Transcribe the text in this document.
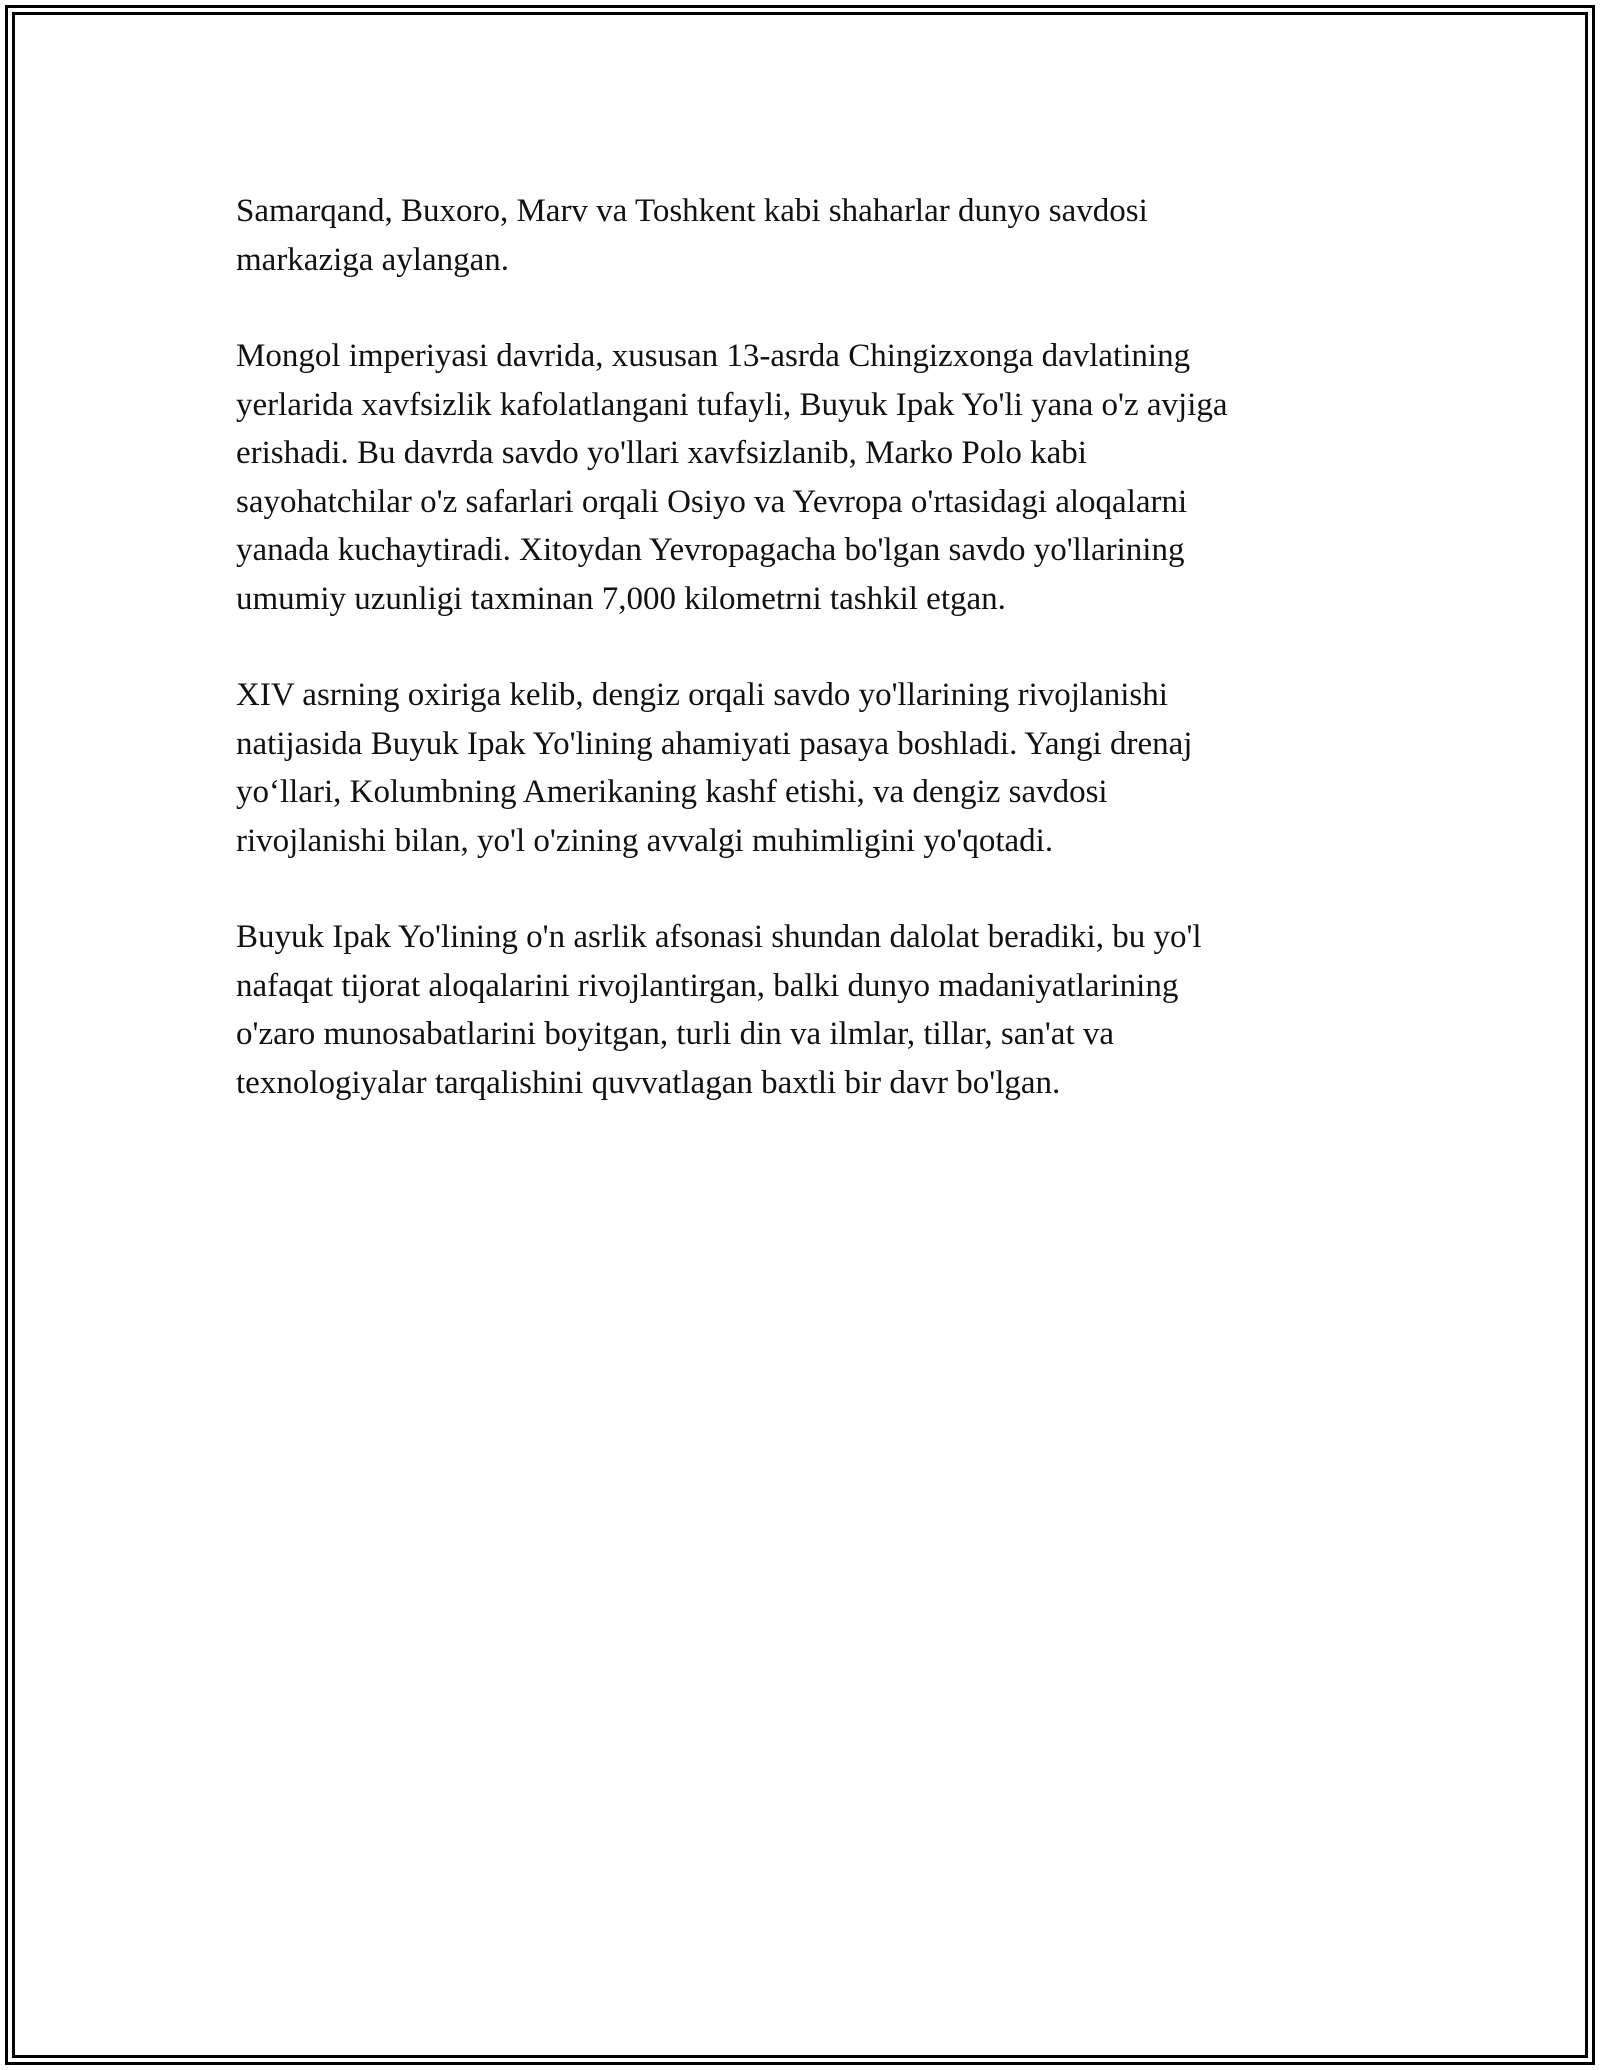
Samarqand, Buxoro, Marv va Toshkent kabi shaharlar dunyo savdosi
markaziga aylangan.

Mongol imperiyasi davrida, xususan 13-asrda Chingizxonga davlatining
yerlarida xavfsizlik kafolatlangani tufayli, Buyuk Ipak Yo'li yana o'z avjiga
erishadi. Bu davrda savdo yo'llari xavfsizlanib, Marko Polo kabi
sayohatchilar o'z safarlari orqali Osiyo va Yevropa o'rtasidagi aloqalarni
yanada kuchaytiradi. Xitoydan Yevropagacha bo'lgan savdo yo'llarining
umumiy uzunligi taxminan 7,000 kilometrni tashkil etgan.

XIV asrning oxiriga kelib, dengiz orqali savdo yo'llarining rivojlanishi
natijasida Buyuk Ipak Yo'lining ahamiyati pasaya boshladi. Yangi drenaj
yo‘llari, Kolumbning Amerikaning kashf etishi, va dengiz savdosi
rivojlanishi bilan, yo'l o'zining avvalgi muhimligini yo'qotadi.

Buyuk Ipak Yo'lining o'n asrlik afsonasi shundan dalolat beradiki, bu yo'l
nafaqat tijorat aloqalarini rivojlantirgan, balki dunyo madaniyatlarining
o'zaro munosabatlarini boyitgan, turli din va ilmlar, tillar, san'at va
texnologiyalar tarqalishini quvvatlagan baxtli bir davr bo'lgan.
